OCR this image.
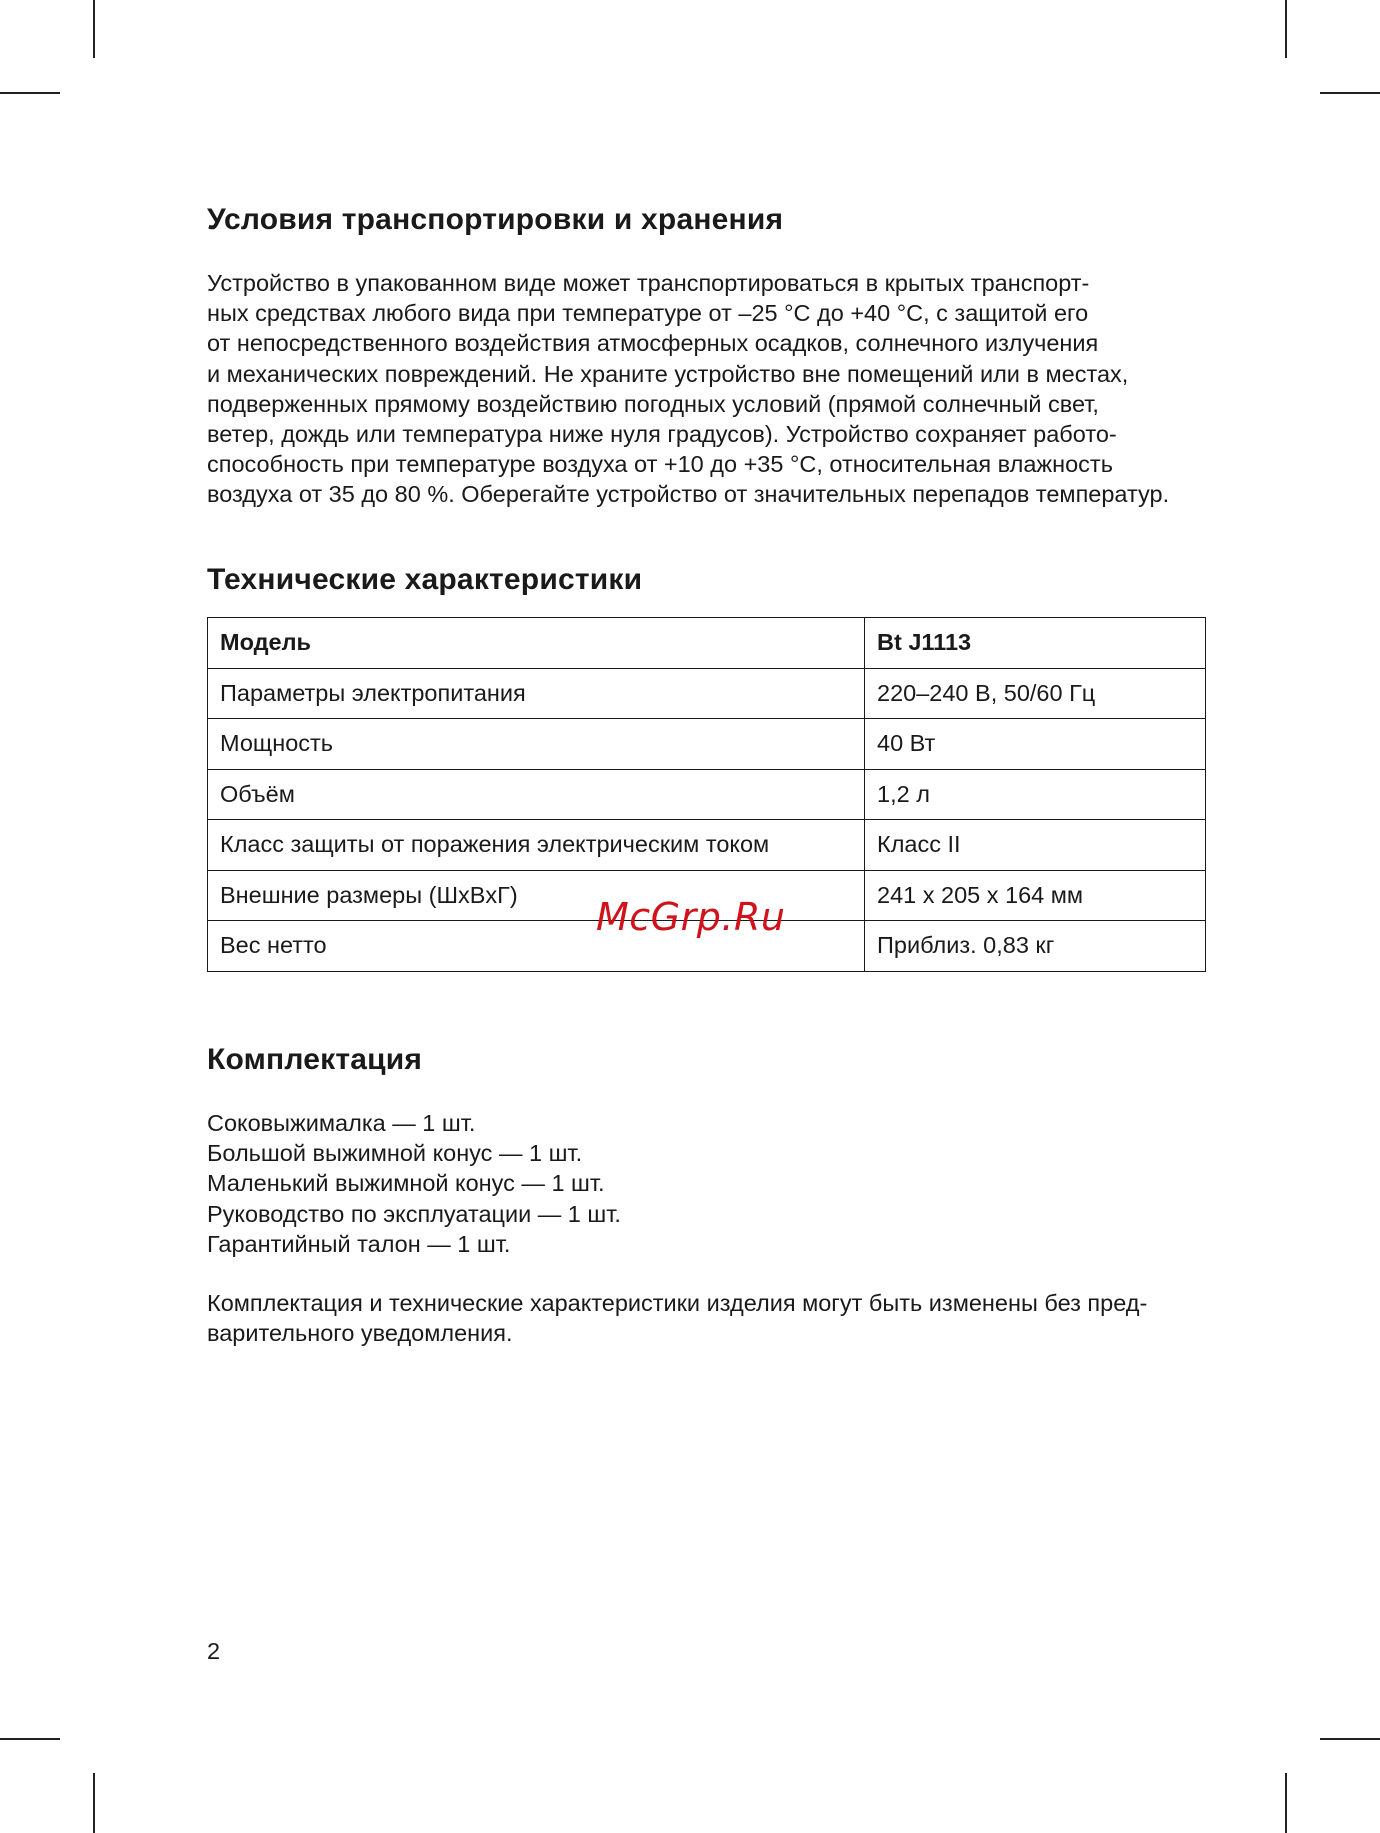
Условия транспортировки и хранения
Устройство в упакованном виде может транспортироваться в крытых транспорт-
ных средствах любого вида при температуре от –25 °C до +40 °C, с защитой его
от непосредственного воздействия атмосферных осадков, солнечного излучения
и механических повреждений. Не храните устройство вне помещений или в местах,
подверженных прямому воздействию погодных условий (прямой солнечный свет,
ветер, дождь или температура ниже нуля градусов). Устройство сохраняет работо-
способность при температуре воздуха от +10 до +35 °C, относительная влажность
воздуха от 35 до 80 %. Оберегайте устройство от значительных перепадов температур.
Технические характеристики
Модель	Bt J1113
Параметры электропитания	220–240 В, 50/60 Гц
Мощность	40 Вт
Объём	1,2 л
Класс защиты от поражения электрическим током	Класс II
Внешние размеры (ШxВxГ)	241 x 205 x 164 мм
Вес нетто	Приблиз. 0,83 кг
Комплектация
Соковыжималка — 1 шт.
Большой выжимной конус — 1 шт.
Маленький выжимной конус — 1 шт.
Руководство по эксплуатации — 1 шт.
Гарантийный талон — 1 шт.
Комплектация и технические характеристики изделия могут быть изменены без пред-
варительного уведомления.
McGrp.Ru
2
